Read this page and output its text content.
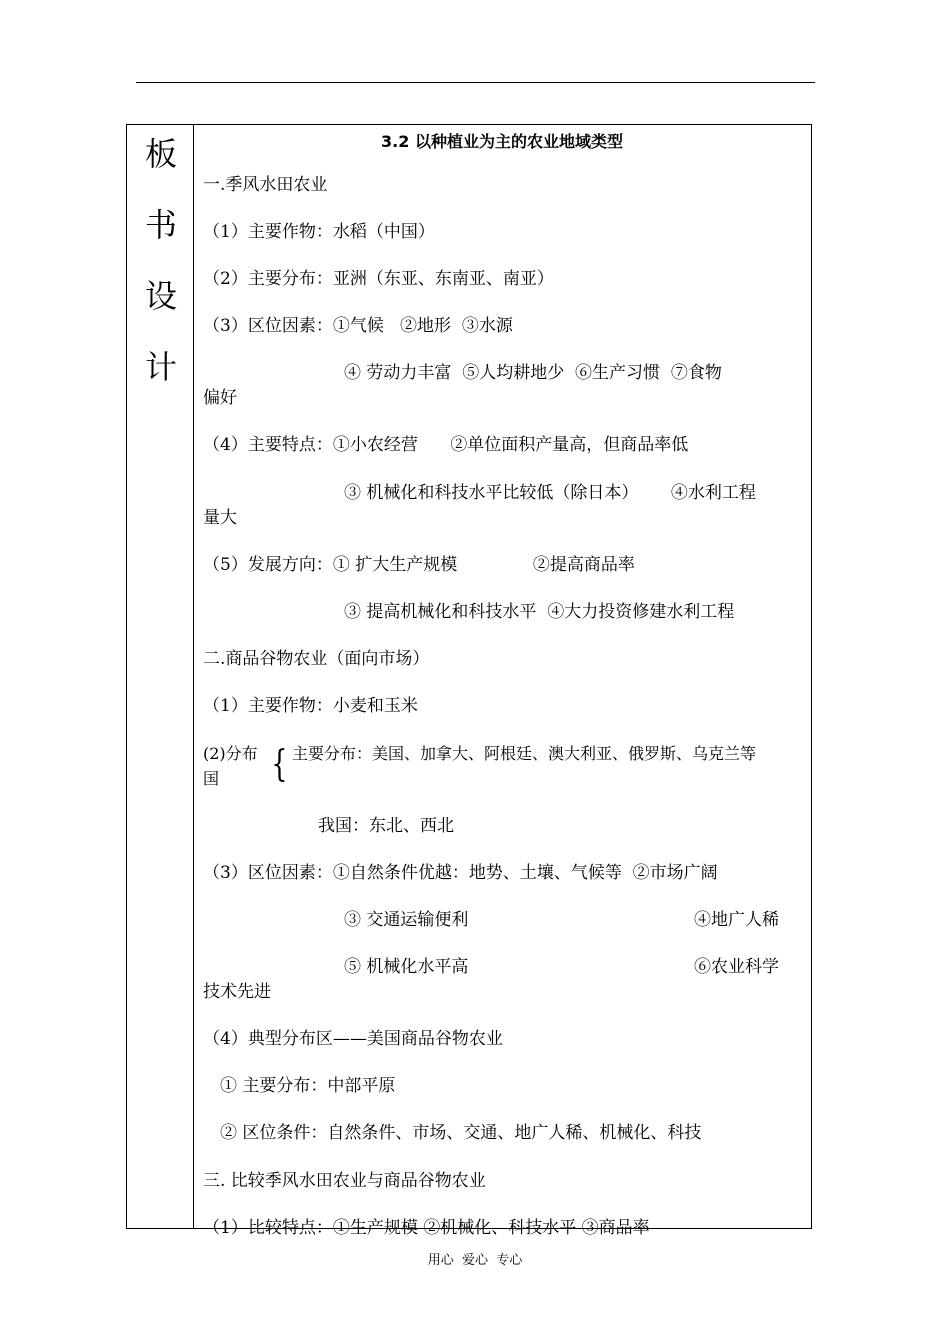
板
书
设
计
3.2 以种植业为主的农业地域类型
一.季风水田农业
（1）主要作物：水稻（中国）
（2）主要分布：亚洲（东亚、东南亚、南亚）
（3）区位因素：①气候   ②地形  ③水源
④ 劳动力丰富  ⑤人均耕地少  ⑥生产习惯  ⑦食物
偏好
（4）主要特点：①小农经营      ②单位面积产量高，但商品率低
③ 机械化和科技水平比较低（除日本）      ④水利工程
量大
（5）发展方向：① 扩大生产规模              ②提高商品率
③ 提高机械化和科技水平  ④大力投资修建水利工程
二.商品谷物农业（面向市场）
（1）主要作物：小麦和玉米
(2)分布 { 主要分布：美国、加拿大、阿根廷、澳大利亚、俄罗斯、乌克兰等
国
我国：东北、西北
（3）区位因素：①自然条件优越：地势、土壤、气候等  ②市场广阔
③ 交通运输便利	④地广人稀
⑤ 机械化水平高	⑥农业科学
技术先进
（4）典型分布区——美国商品谷物农业
① 主要分布：中部平原
② 区位条件：自然条件、市场、交通、地广人稀、机械化、科技
三. 比较季风水田农业与商品谷物农业
（1）比较特点：①生产规模 ②机械化、科技水平 ③商品率
用心  爱心  专心
